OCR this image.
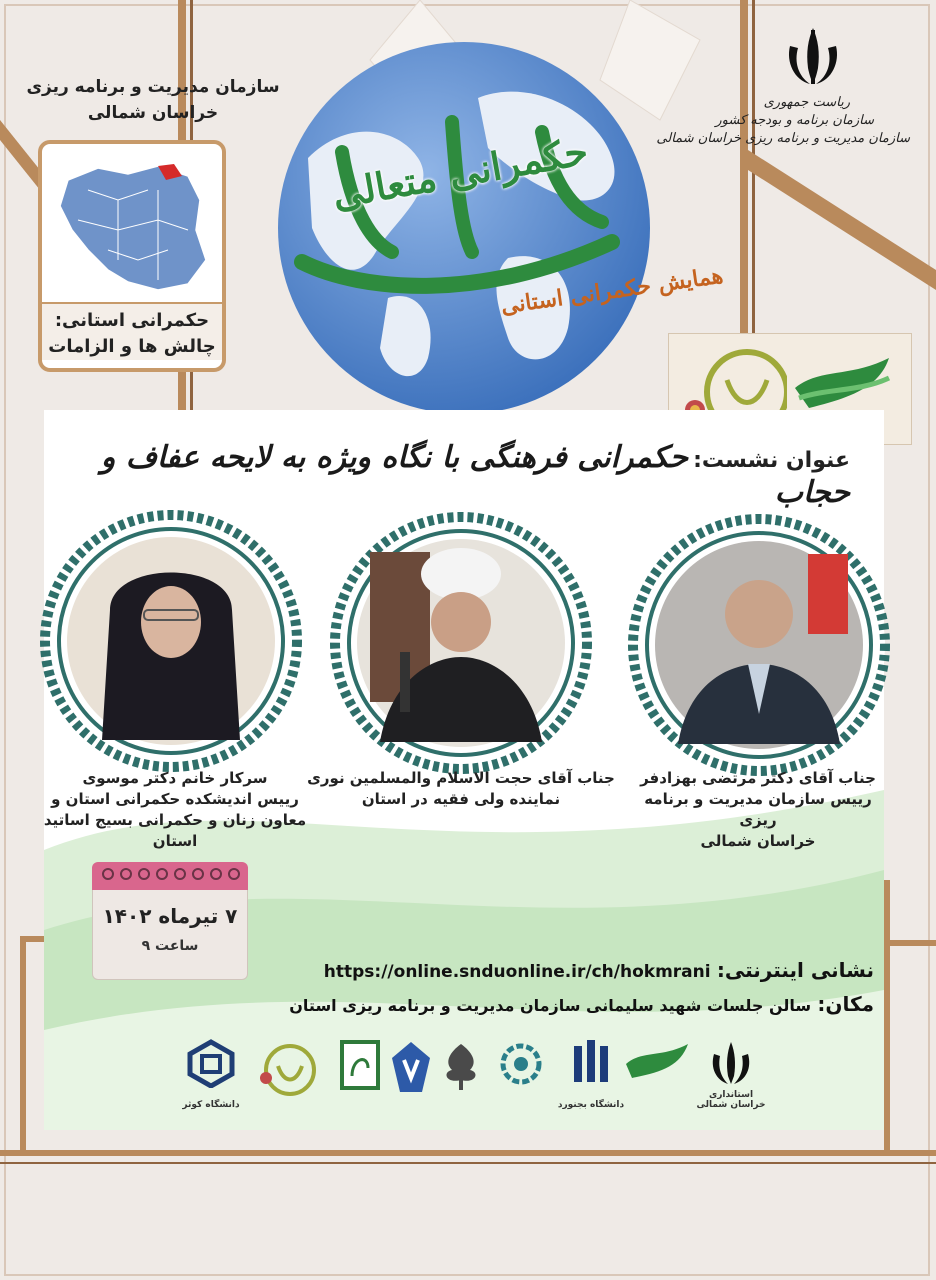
سازمان مدیریت و برنامه ریزی
خراسان شمالی
حکمرانی استانی:
چالش ها و الزامات
حکمرانی متعالی
همایش حکمرانی استانی
ریاست جمهوری
سازمان برنامه و بودجه کشور
سازمان مدیریت و برنامه ریزی خراسان شمالی
عنوان نشست: حکمرانی فرهنگی با نگاه ویژه به لایحه عفاف و حجاب
جناب آقای دکتر مرتضی بهزادفر
رییس سازمان مدیریت و برنامه ریزی
خراسان شمالی
جناب آقای حجت الاسلام والمسلمین نوری
نماینده ولی فقیه در استان
سرکار خانم دکتر موسوی
رییس اندیشکده حکمرانی استان و
معاون زنان و حکمرانی بسیج اساتید استان
۷ تیرماه ۱۴۰۲
ساعت ۹
نشانی اینترنتی: https://online.snduonline.ir/ch/hokmrani
مکان: سالن جلسات شهید سلیمانی سازمان مدیریت و برنامه ریزی استان
استانداری خراسان شمالی
دانشگاه بجنورد
دانشگاه کوثر
